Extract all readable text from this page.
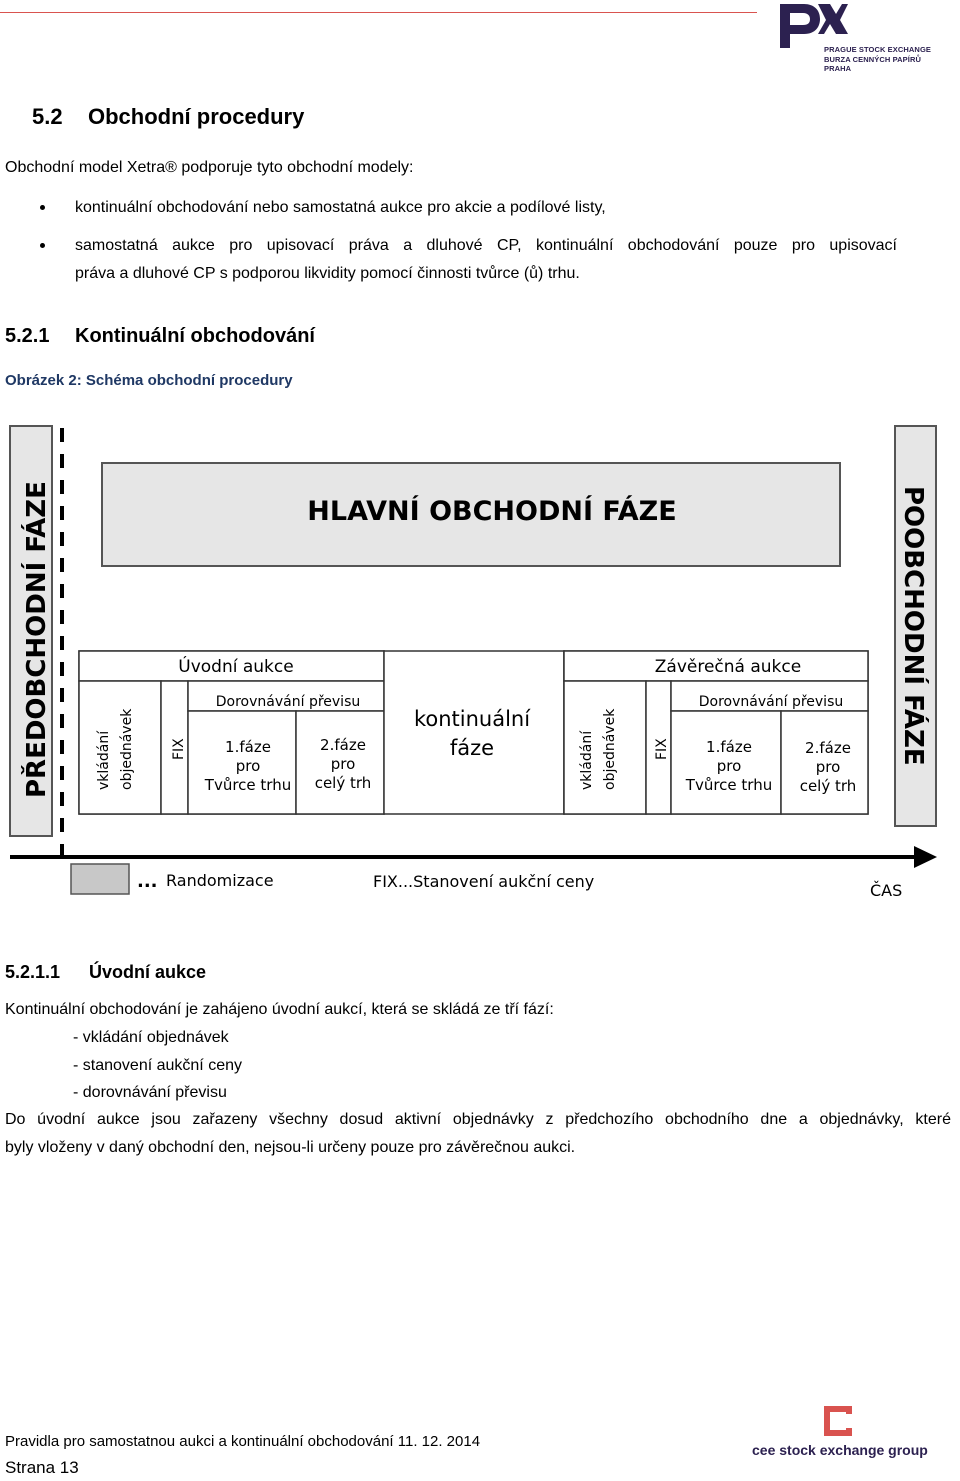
PRAGUE STOCK EXCHANGE
BURZA CENNÝCH PAPÍRŮ PRAHA
5.2 Obchodní procedury
Obchodní model Xetra® podporuje tyto obchodní modely:
kontinuální obchodování nebo samostatná aukce pro akcie a podílové listy,
samostatná aukce pro upisovací práva a dluhové CP, kontinuální obchodování pouze pro upisovací
práva a dluhové CP s podporou likvidity pomocí činnosti tvůrce (ů) trhu.
5.2.1 Kontinuální obchodování
Obrázek 2: Schéma obchodní procedury
PŘEDOBCHODNÍ FÁZE	HLAVNÍ OBCHODNÍ FÁZE	POOBCHODNÍ FÁZE
Úvodní aukce
vkládání objednávek	FIX
Dorovnávání převisu
1.fáze
pro
Tvůrce trhu
2.fáze
pro
celý trh
kontinuální
fáze
Závěrečná aukce
vkládání objednávek	FIX
Dorovnávání převisu
1.fáze
pro
Tvůrce trhu
2.fáze
pro
celý trh
... Randomizace	FIX...Stanovení aukční ceny	ČAS
5.2.1.1 Úvodní aukce
Kontinuální obchodování je zahájeno úvodní aukcí, která se skládá ze tří fází:
- vkládání objednávek
- stanovení aukční ceny
- dorovnávání převisu
Do úvodní aukce jsou zařazeny všechny dosud aktivní objednávky z předchozího obchodního dne a objednávky, které
byly vloženy v daný obchodní den, nejsou-li určeny pouze pro závěrečnou aukci.
Pravidla pro samostatnou aukci a kontinuální obchodování 11. 12. 2014
Strana 13
cee stock exchange group
